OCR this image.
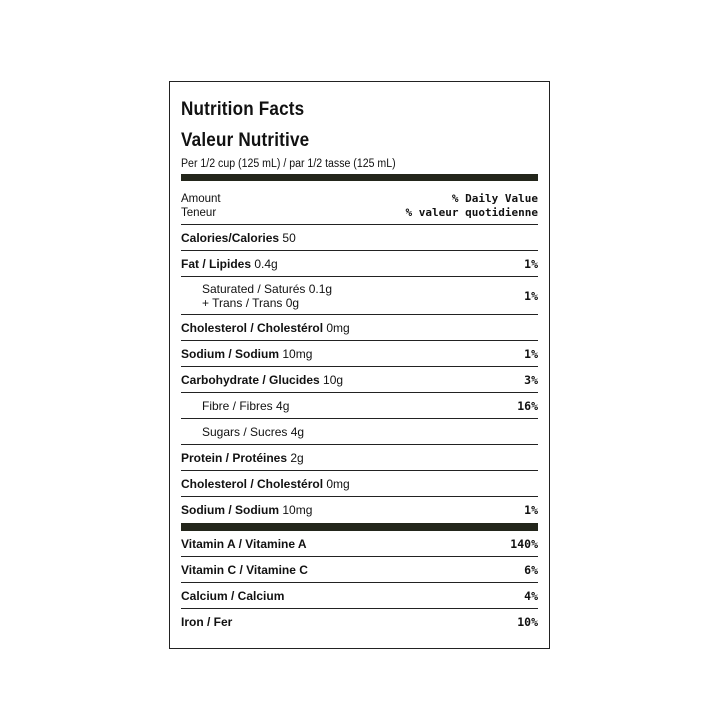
Nutrition Facts
Valeur Nutritive
Per 1/2 cup (125 mL) / par 1/2 tasse (125 mL)
Amount
Teneur
% Daily Value
% valeur quotidienne
Calories/Calories 50
Fat / Lipides 0.4g	1%
Saturated / Saturés 0.1g
+ Trans / Trans 0g	1%
Cholesterol / Cholestérol 0mg
Sodium / Sodium 10mg	1%
Carbohydrate / Glucides 10g	3%
Fibre / Fibres 4g	16%
Sugars / Sucres 4g
Protein / Protéines 2g
Cholesterol / Cholestérol 0mg
Sodium / Sodium 10mg	1%
Vitamin A / Vitamine A	140%
Vitamin C / Vitamine C	6%
Calcium / Calcium	4%
Iron / Fer	10%
